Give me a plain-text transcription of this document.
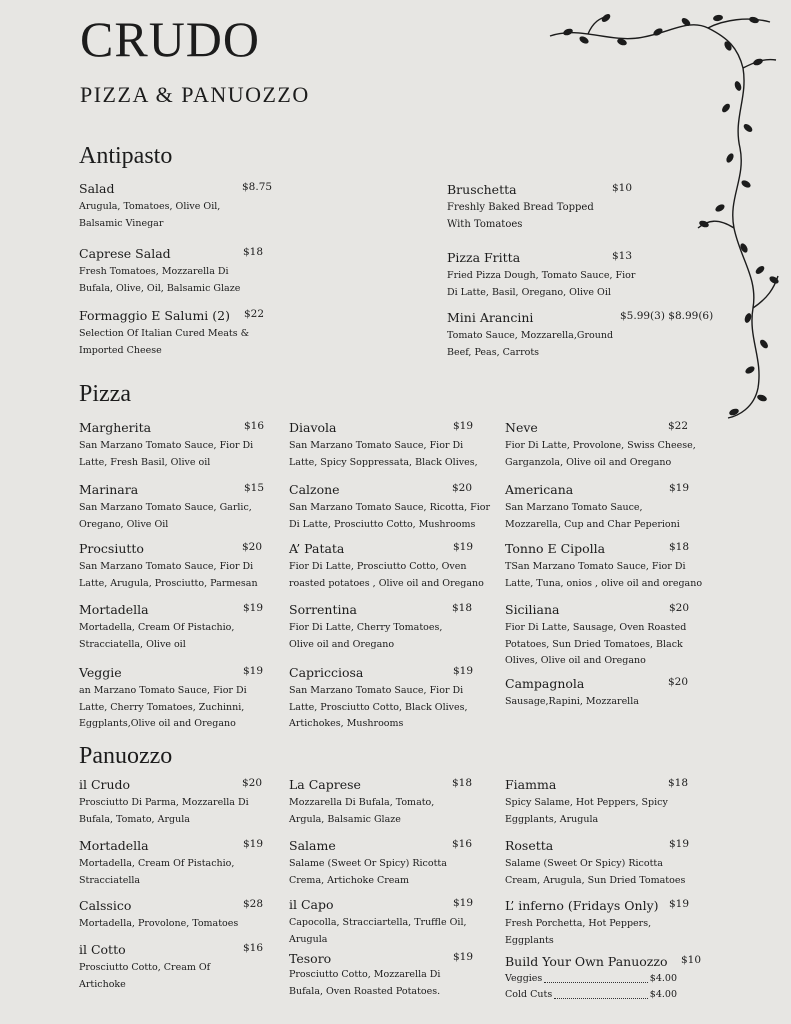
CRUDO
PIZZA & PANUOZZO
Antipasto
Salad	$8.75
Arugula, Tomatoes, Olive Oil, Balsamic Vinegar
Caprese Salad	$18
Fresh Tomatoes, Mozzarella Di Bufala, Olive, Oil, Balsamic Glaze
Formaggio E Salumi (2)	$22
Selection Of Italian Cured Meats & Imported Cheese
Bruschetta	$10
Freshly Baked Bread Topped With Tomatoes
Pizza Fritta	$13
Fried Pizza Dough, Tomato Sauce, Fior Di Latte, Basil, Oregano, Olive Oil
Mini Arancini	$5.99(3) $8.99(6)
Tomato Sauce, Mozzarella,Ground Beef, Peas, Carrots
Pizza
Margherita	$16
San Marzano Tomato Sauce, Fior Di Latte, Fresh Basil, Olive oil
Marinara	$15
San Marzano Tomato Sauce, Garlic, Oregano, Olive Oil
Procsiutto	$20
San Marzano Tomato Sauce, Fior Di Latte, Arugula, Prosciutto, Parmesan
Mortadella	$19
Mortadella, Cream Of Pistachio, Stracciatella, Olive oil
Veggie	$19
an Marzano Tomato Sauce, Fior Di Latte, Cherry Tomatoes, Zuchinni, Eggplants,Olive oil and Oregano
Diavola	$19
San Marzano Tomato Sauce, Fior Di Latte, Spicy Soppressata, Black Olives,
Calzone	$20
San Marzano Tomato Sauce, Ricotta, Fior Di Latte, Prosciutto Cotto, Mushrooms
A’ Patata	$19
Fior Di Latte, Prosciutto Cotto, Oven roasted potatoes , Olive oil and Oregano
Sorrentina	$18
Fior Di Latte, Cherry Tomatoes, Olive oil and Oregano
Capricciosa	$19
San Marzano Tomato Sauce, Fior Di Latte, Prosciutto Cotto, Black Olives, Artichokes, Mushrooms
Neve	$22
Fior Di Latte, Provolone, Swiss Cheese, Garganzola, Olive oil and Oregano
Americana	$19
San Marzano Tomato Sauce, Mozzarella, Cup and Char Peperioni
Tonno E Cipolla	$18
TSan Marzano Tomato Sauce, Fior Di Latte, Tuna, onios , olive oil and oregano
Siciliana	$20
Fior Di Latte, Sausage, Oven Roasted Potatoes, Sun Dried Tomatoes, Black Olives, Olive oil and Oregano
Campagnola	$20
Sausage,Rapini, Mozzarella
Panuozzo
il Crudo	$20
Prosciutto Di Parma, Mozzarella Di Bufala, Tomato, Argula
Mortadella	$19
Mortadella, Cream Of Pistachio, Stracciatella
Calssico	$28
Mortadella, Provolone, Tomatoes
il Cotto	$16
Prosciutto Cotto, Cream Of Artichoke
La Caprese	$18
Mozzarella Di Bufala, Tomato, Argula, Balsamic Glaze
Salame	$16
Salame (Sweet Or Spicy) Ricotta Crema, Artichoke Cream
il Capo	$19
Capocolla, Stracciartella, Truffle Oil, Arugula
Tesoro	$19
Prosciutto Cotto, Mozzarella Di Bufala, Oven Roasted Potatoes.
Fiamma	$18
Spicy Salame, Hot Peppers, Spicy Eggplants, Arugula
Rosetta	$19
Salame (Sweet Or Spicy) Ricotta Cream, Arugula, Sun Dried Tomatoes
L’ inferno (Fridays Only) $19
Fresh Porchetta, Hot Peppers, Eggplants
Build Your Own Panuozzo	$10
Veggies	$4.00
Cold Cuts	$4.00
